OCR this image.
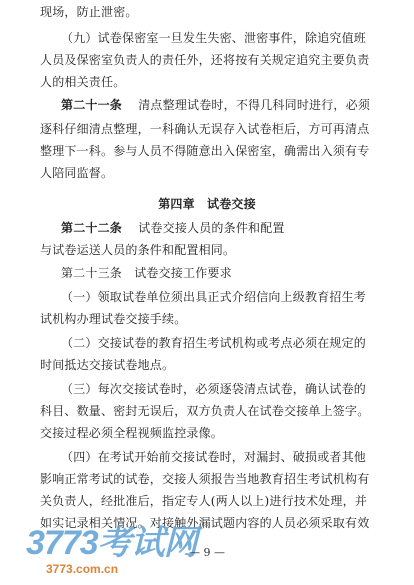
现场，防止泄密。
（九）试卷保密室一旦发生失密、泄密事件，除追究值班
人员及保密室负责人的责任外，还将按有关规定追究主要负责
人的相关责任。
第二十一条　 清点整理试卷时，不得几科同时进行，必须
逐科仔细清点整理，一科确认无误存入试卷柜后，方可再清点
整理下一科。参与人员不得随意出入保密室，确需出入须有专
人陪同监督。
第四章　试卷交接
第二十二条　 试卷交接人员的条件和配置
与试卷运送人员的条件和配置相同。
第二十三条　试卷交接工作要求
（一）领取试卷单位须出具正式介绍信向上级教育招生考
试机构办理试卷交接手续。
（二）交接试卷的教育招生考试机构或考点必须在规定的
时间抵达交接试卷地点。
（三）每次交接试卷时，必须逐袋清点试卷，确认试卷的
科目、数量、密封无误后，双方负责人在试卷交接单上签字。
交接过程必须全程视频监控录像。
（四）在考试开始前交接试卷时，对漏封、破损或者其他
影响正常考试的试卷，交接人须报告当地教育招生考试机构有
关负责人，经批准后，指定专人(两人以上)进行技术处理，并
如实记录相关情况。对接触外漏试题内容的人员必须采取有效
3773考试网
3773.com.cn
— 9 —
